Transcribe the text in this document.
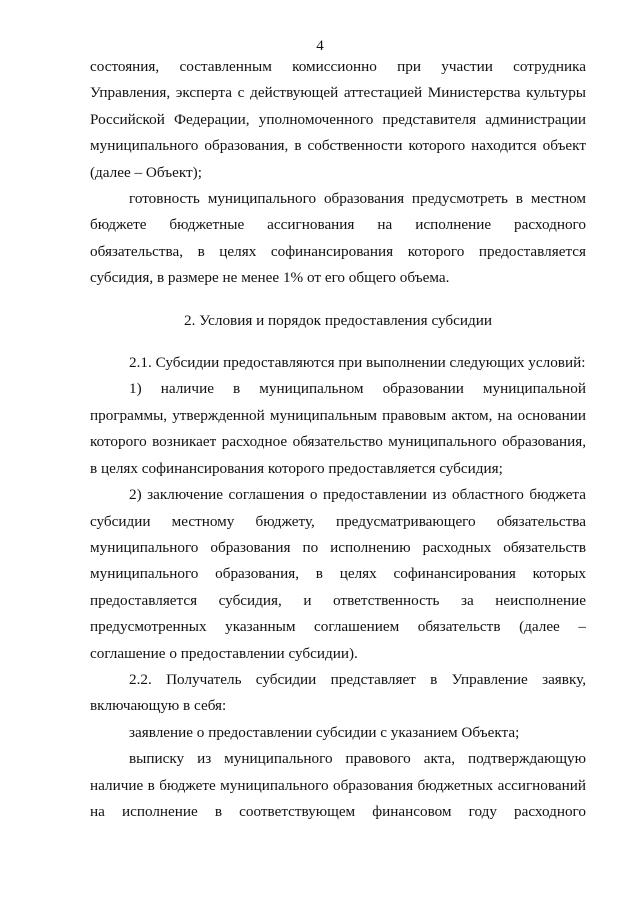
4

состояния, составленным комиссионно при участии сотрудника Управления, эксперта с действующей аттестацией Министерства культуры Российской Федерации, уполномоченного представителя администрации муниципального образования, в собственности которого находится объект (далее – Объект);

готовность муниципального образования предусмотреть в местном бюджете бюджетные ассигнования на исполнение расходного обязательства, в целях софинансирования которого предоставляется субсидия, в размере не менее 1% от его общего объема.

2. Условия и порядок предоставления субсидии

2.1. Субсидии предоставляются при выполнении следующих условий:

1) наличие в муниципальном образовании муниципальной программы, утвержденной муниципальным правовым актом, на основании которого возникает расходное обязательство муниципального образования, в целях софинансирования которого предоставляется субсидия;

2) заключение соглашения о предоставлении из областного бюджета субсидии местному бюджету, предусматривающего обязательства муниципального образования по исполнению расходных обязательств муниципального образования, в целях софинансирования которых предоставляется субсидия, и ответственность за неисполнение предусмотренных указанным соглашением обязательств (далее – соглашение о предоставлении субсидии).

2.2. Получатель субсидии представляет в Управление заявку, включающую в себя:

заявление о предоставлении субсидии с указанием Объекта;

выписку из муниципального правового акта, подтверждающую наличие в бюджете муниципального образования бюджетных ассигнований на исполнение в соответствующем финансовом году расходного
